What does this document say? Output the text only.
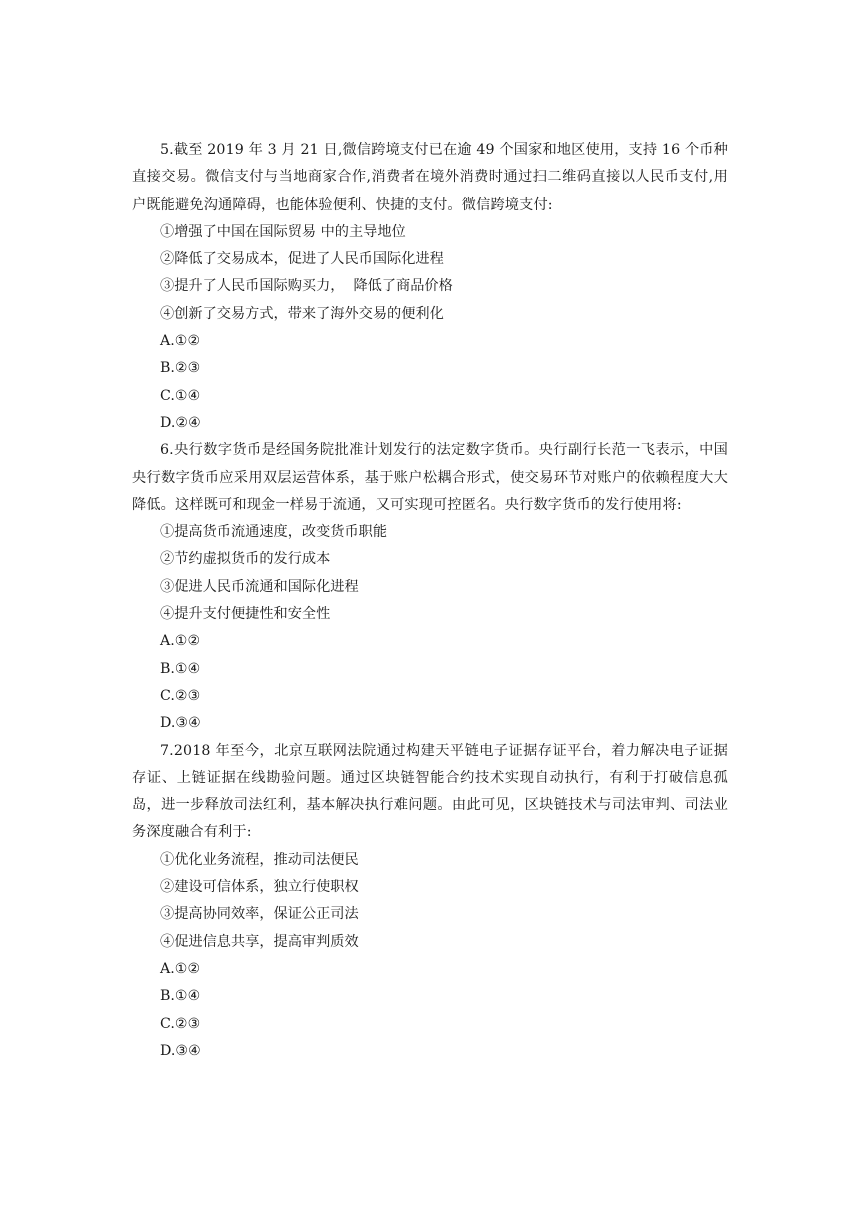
5.截至 2019 年 3 月 21 日,微信跨境支付已在逾 49 个国家和地区使用，支持 16 个币种直接交易。微信支付与当地商家合作,消费者在境外消费时通过扫二维码直接以人民币支付,用户既能避免沟通障碍，也能体验便利、快捷的支付。微信跨境支付:

①增强了中国在国际贸易 中的主导地位

②降低了交易成本，促进了人民币国际化进程

③提升了人民币国际购买力，  降低了商品价格

④创新了交易方式，带来了海外交易的便利化

A.①②

B.②③

C.①④

D.②④

6.央行数字货币是经国务院批准计划发行的法定数字货币。央行副行长范一飞表示，中国央行数字货币应采用双层运营体系，基于账户松耦合形式，使交易环节对账户的依赖程度大大降低。这样既可和现金一样易于流通，又可实现可控匿名。央行数字货币的发行使用将:

①提高货币流通速度，改变货币职能

②节约虚拟货币的发行成本

③促进人民币流通和国际化进程

④提升支付便捷性和安全性

A.①②

B.①④

C.②③

D.③④

7.2018 年至今，北京互联网法院通过构建天平链电子证据存证平台，着力解决电子证据存证、上链证据在线勘验问题。通过区块链智能合约技术实现自动执行，有利于打破信息孤岛，进一步释放司法红利，基本解决执行难问题。由此可见，区块链技术与司法审判、司法业务深度融合有利于:

①优化业务流程，推动司法便民

②建设可信体系，独立行使职权

③提高协同效率，保证公正司法

④促进信息共享，提高审判质效

A.①②

B.①④

C.②③

D.③④
